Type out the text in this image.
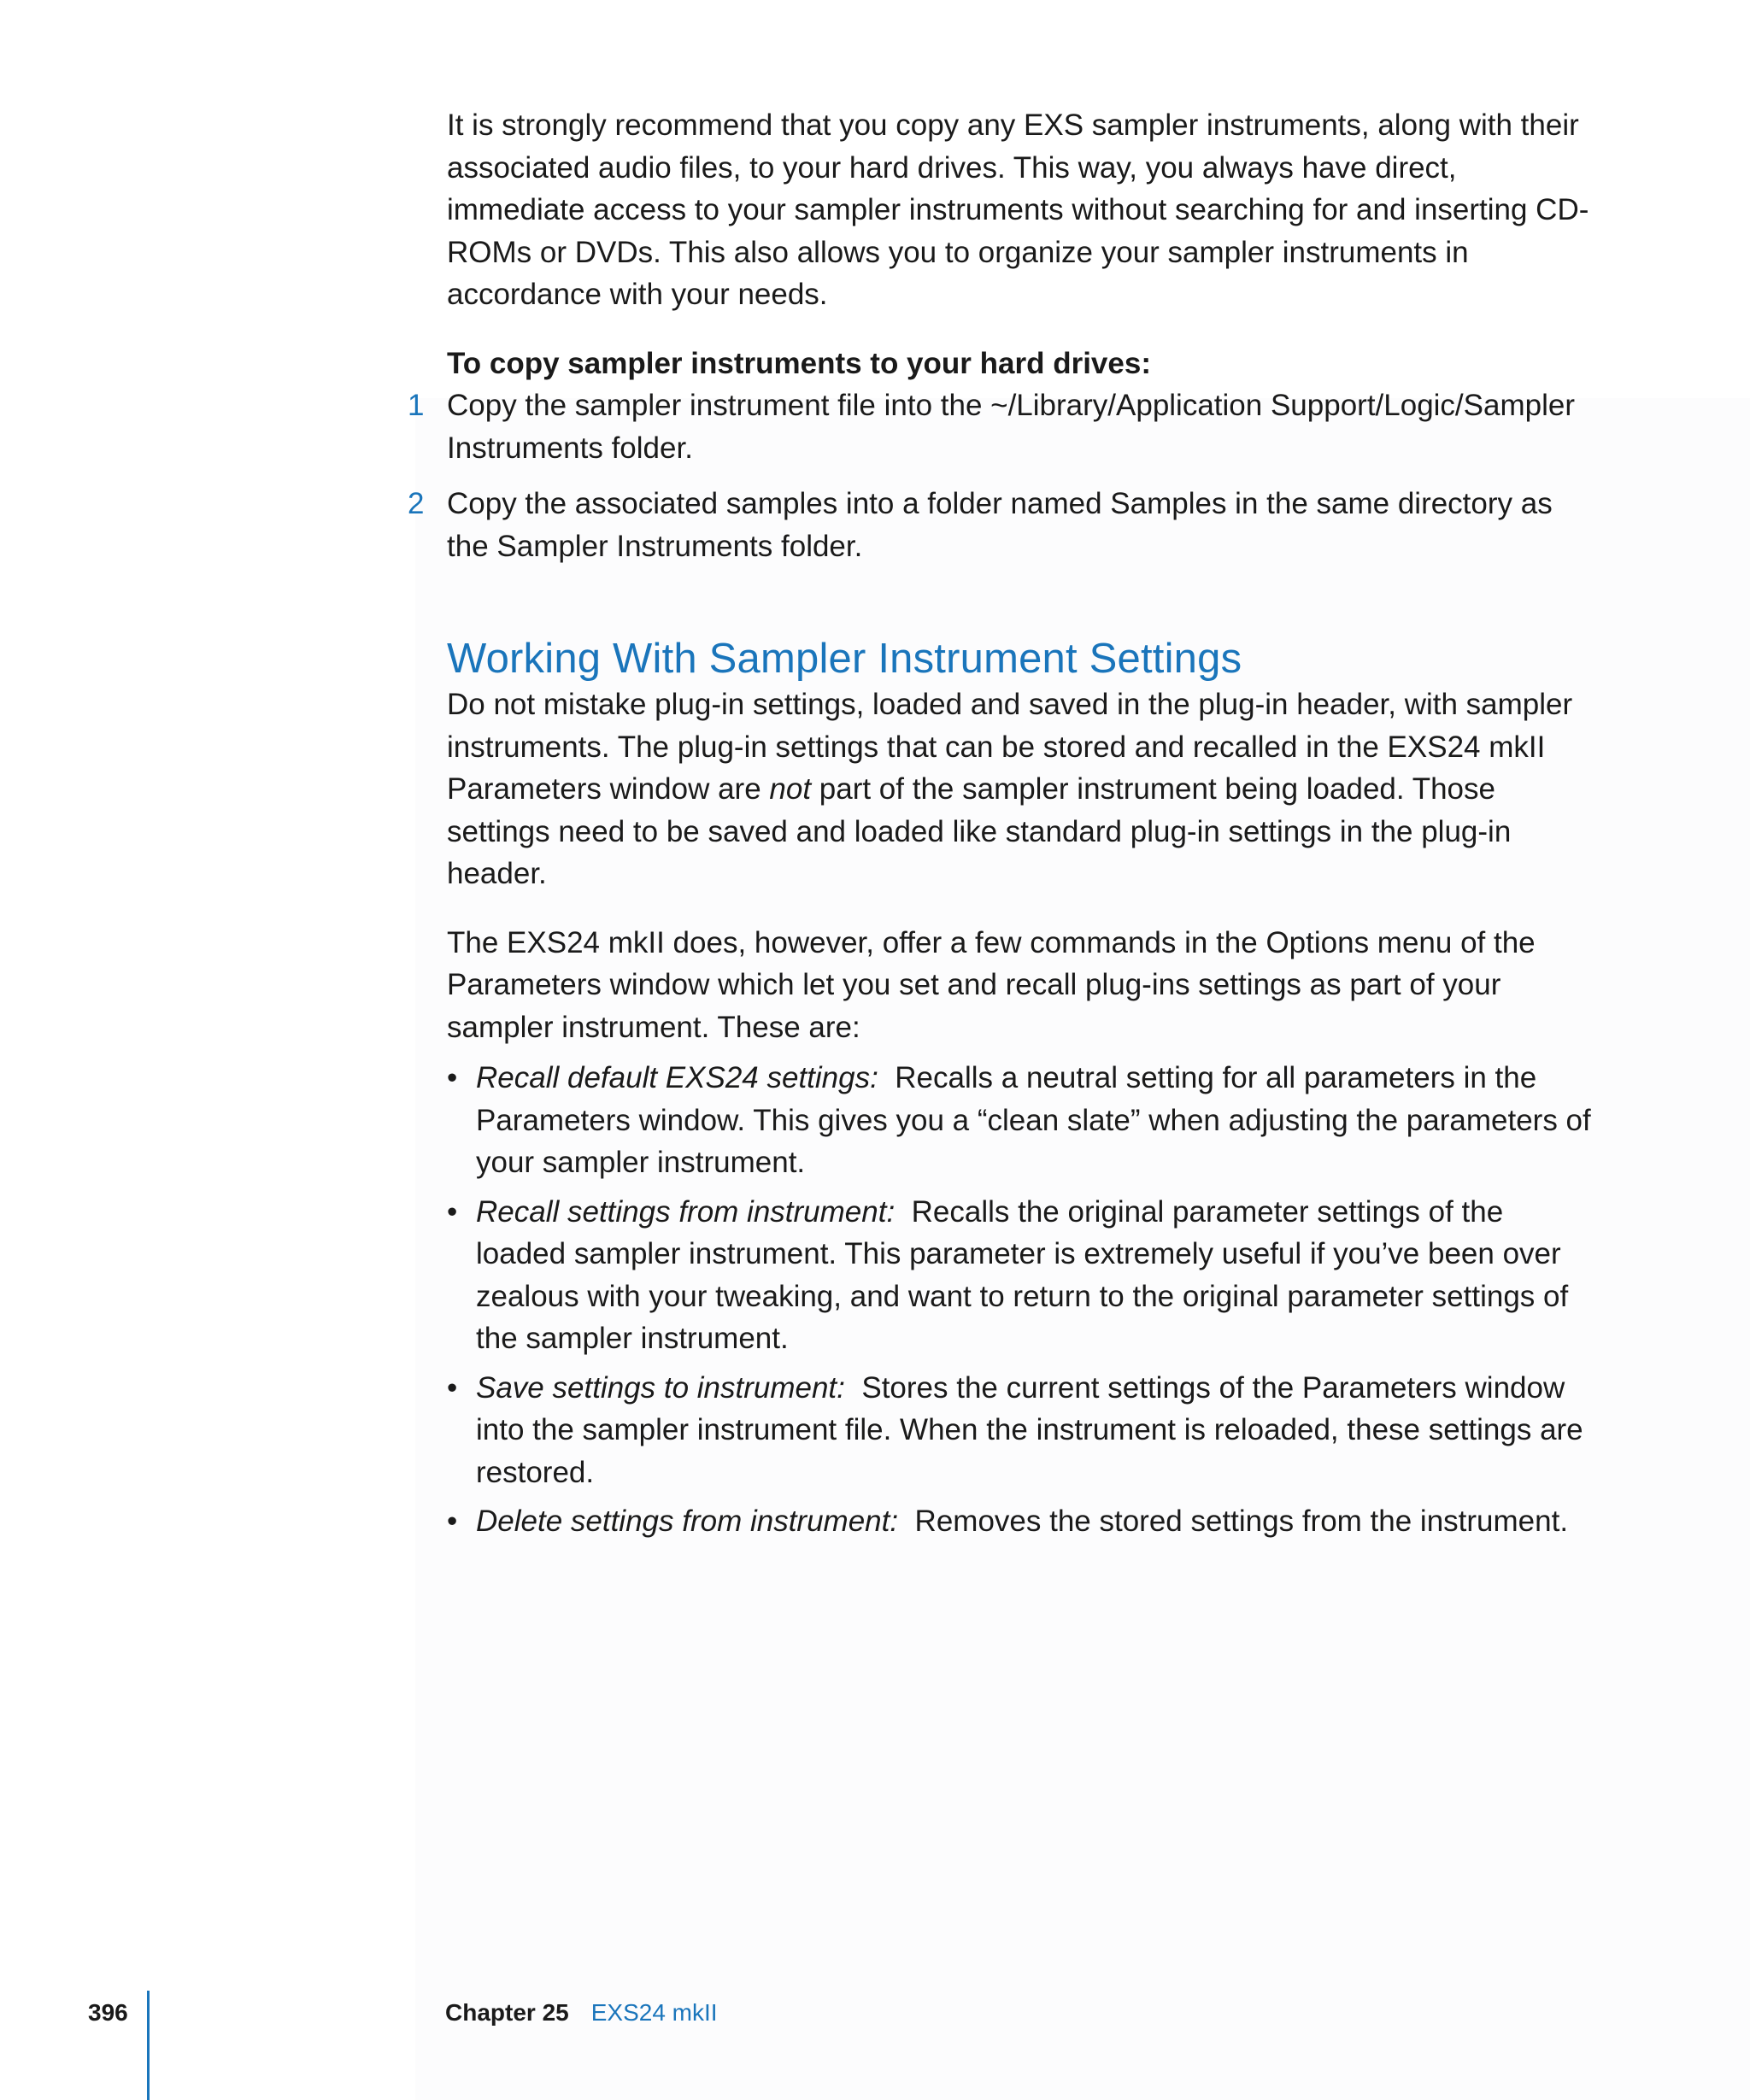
It is strongly recommend that you copy any EXS sampler instruments, along with their associated audio files, to your hard drives. This way, you always have direct, immediate access to your sampler instruments without searching for and inserting CD-ROMs or DVDs. This also allows you to organize your sampler instruments in accordance with your needs.

To copy sampler instruments to your hard drives:

1 Copy the sampler instrument file into the ~/Library/Application Support/Logic/Sampler Instruments folder.
2 Copy the associated samples into a folder named Samples in the same directory as the Sampler Instruments folder.
Working With Sampler Instrument Settings

Do not mistake plug-in settings, loaded and saved in the plug-in header, with sampler instruments. The plug-in settings that can be stored and recalled in the EXS24 mkII Parameters window are not part of the sampler instrument being loaded. Those settings need to be saved and loaded like standard plug-in settings in the plug-in header.

The EXS24 mkII does, however, offer a few commands in the Options menu of the Parameters window which let you set and recall plug-ins settings as part of your sampler instrument. These are:

• Recall default EXS24 settings: Recalls a neutral setting for all parameters in the Parameters window. This gives you a “clean slate” when adjusting the parameters of your sampler instrument.
• Recall settings from instrument: Recalls the original parameter settings of the loaded sampler instrument. This parameter is extremely useful if you’ve been over zealous with your tweaking, and want to return to the original parameter settings of the sampler instrument.
• Save settings to instrument: Stores the current settings of the Parameters window into the sampler instrument file. When the instrument is reloaded, these settings are restored.
• Delete settings from instrument: Removes the stored settings from the instrument.
396	Chapter 25 EXS24 mkII
